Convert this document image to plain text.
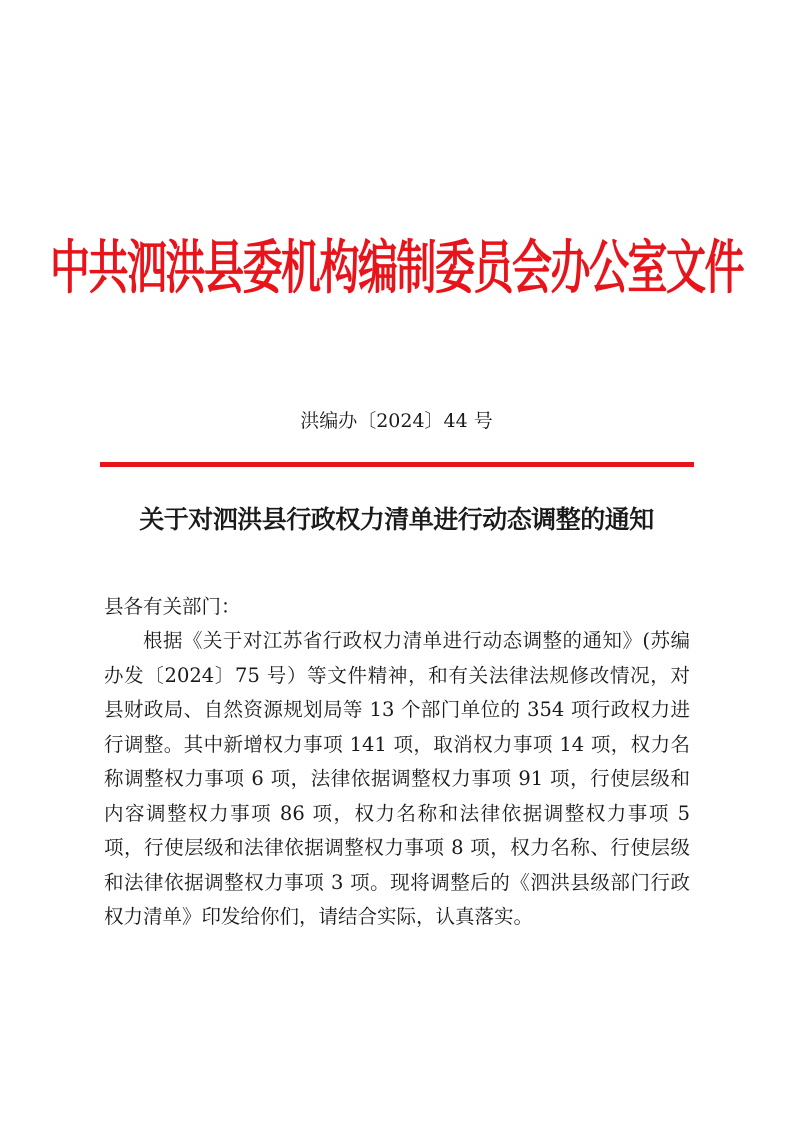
中共泗洪县委机构编制委员会办公室文件
洪编办〔2024〕44 号
关于对泗洪县行政权力清单进行动态调整的通知

县各有关部门：

根据《关于对江苏省行政权力清单进行动态调整的通知》(苏编办发〔2024〕75 号）等文件精神，和有关法律法规修改情况，对县财政局、自然资源规划局等 13 个部门单位的 354 项行政权力进行调整。其中新增权力事项 141 项，取消权力事项 14 项，权力名称调整权力事项 6 项，法律依据调整权力事项 91 项，行使层级和内容调整权力事项 86 项，权力名称和法律依据调整权力事项 5 项，行使层级和法律依据调整权力事项 8 项，权力名称、行使层级和法律依据调整权力事项 3 项。现将调整后的《泗洪县级部门行政权力清单》印发给你们，请结合实际，认真落实。
